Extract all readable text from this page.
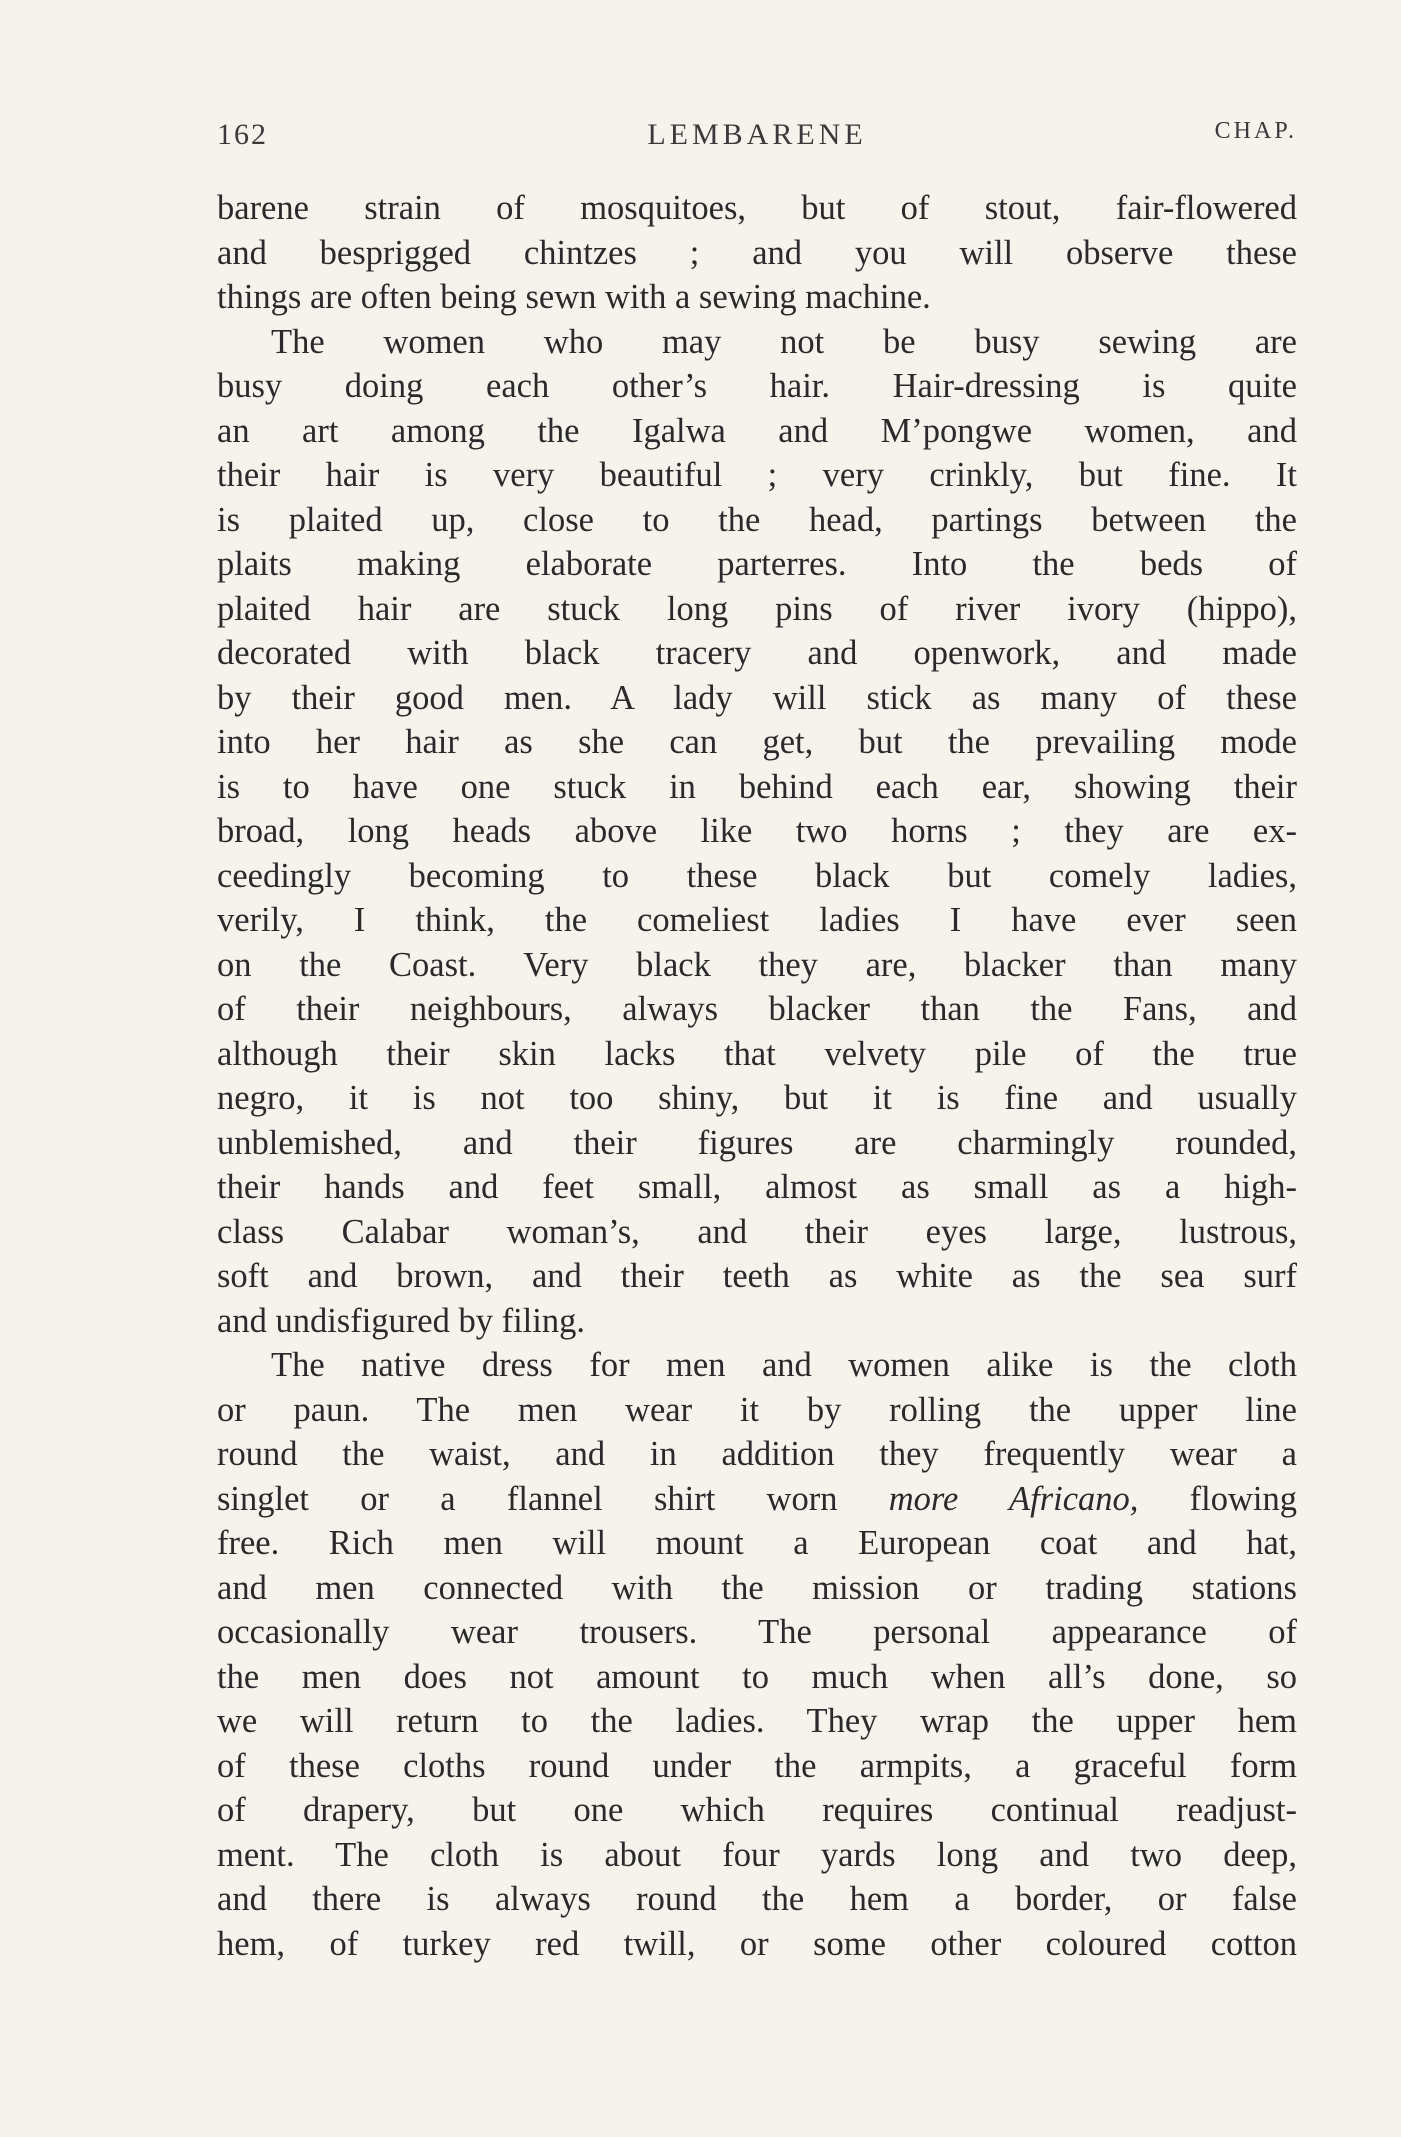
162	LEMBARENE	CHAP.
barene strain of mosquitoes, but of stout, fair-flowered
and besprigged chintzes ; and you will observe these
things are often being sewn with a sewing machine.
The women who may not be busy sewing are
busy doing each other’s hair. Hair-dressing is quite
an art among the Igalwa and M’pongwe women, and
their hair is very beautiful ; very crinkly, but fine. It
is plaited up, close to the head, partings between the
plaits making elaborate parterres. Into the beds of
plaited hair are stuck long pins of river ivory (hippo),
decorated with black tracery and openwork, and made
by their good men. A lady will stick as many of these
into her hair as she can get, but the prevailing mode
is to have one stuck in behind each ear, showing their
broad, long heads above like two horns ; they are ex-
ceedingly becoming to these black but comely ladies,
verily, I think, the comeliest ladies I have ever seen
on the Coast. Very black they are, blacker than many
of their neighbours, always blacker than the Fans, and
although their skin lacks that velvety pile of the true
negro, it is not too shiny, but it is fine and usually
unblemished, and their figures are charmingly rounded,
their hands and feet small, almost as small as a high-
class Calabar woman’s, and their eyes large, lustrous,
soft and brown, and their teeth as white as the sea surf
and undisfigured by filing.
The native dress for men and women alike is the cloth
or paun. The men wear it by rolling the upper line
round the waist, and in addition they frequently wear a
singlet or a flannel shirt worn more Africano, flowing
free. Rich men will mount a European coat and hat,
and men connected with the mission or trading stations
occasionally wear trousers. The personal appearance of
the men does not amount to much when all’s done, so
we will return to the ladies. They wrap the upper hem
of these cloths round under the armpits, a graceful form
of drapery, but one which requires continual readjust-
ment. The cloth is about four yards long and two deep,
and there is always round the hem a border, or false
hem, of turkey red twill, or some other coloured cotton
